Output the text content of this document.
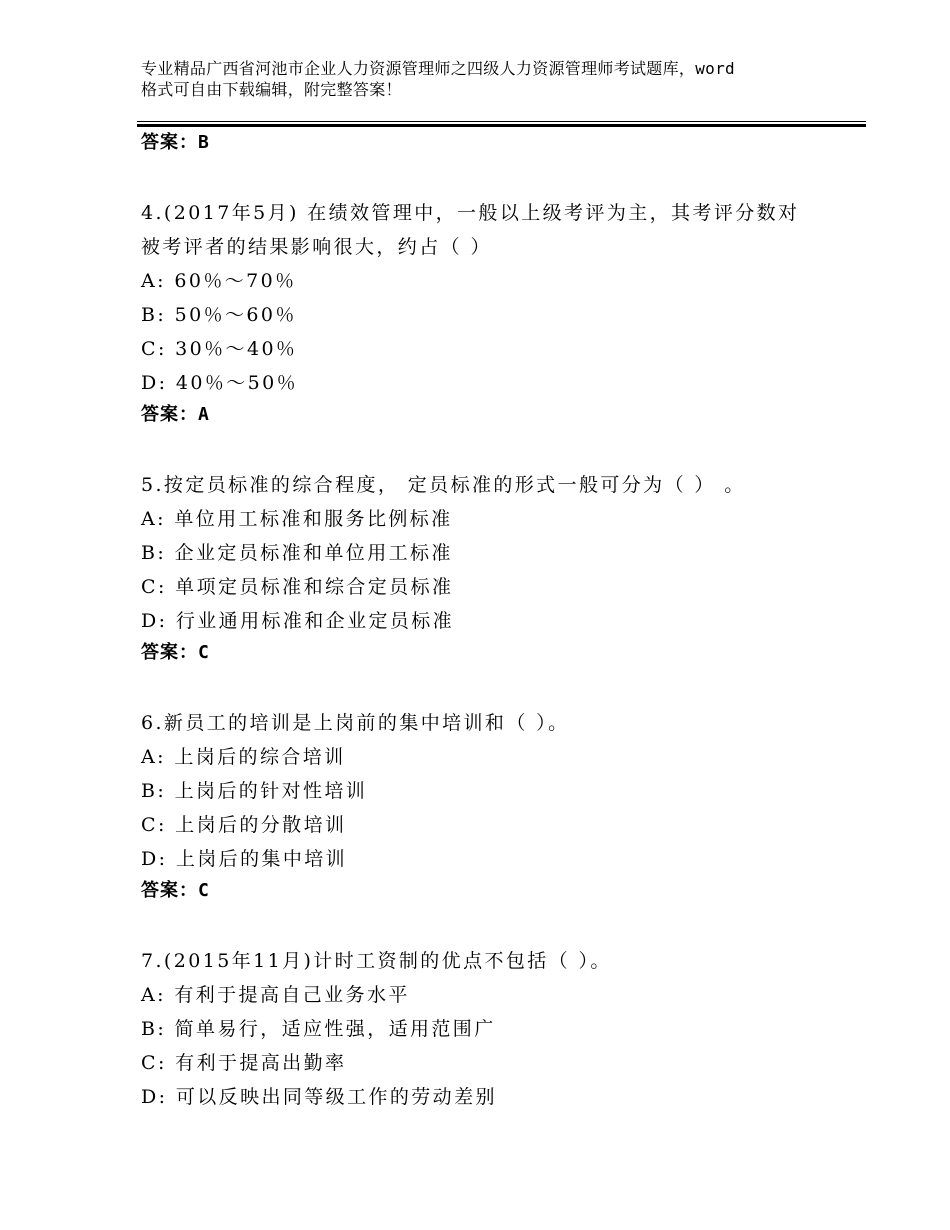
专业精品广西省河池市企业人力资源管理师之四级人力资源管理师考试题库，word
格式可自由下载编辑，附完整答案！
答案：B
4.(2017年5月) 在绩效管理中，一般以上级考评为主，其考评分数对
被考评者的结果影响很大，约占（ ）
A: 60％～70％
B: 50％～60％
C: 30％～40％
D: 40％～50％
答案：A
5.按定员标准的综合程度， 定员标准的形式一般可分为（ ） 。
A: 单位用工标准和服务比例标准
B: 企业定员标准和单位用工标准
C: 单项定员标准和综合定员标准
D: 行业通用标准和企业定员标准
答案：C
6.新员工的培训是上岗前的集中培训和（ ）。
A: 上岗后的综合培训
B: 上岗后的针对性培训
C: 上岗后的分散培训
D: 上岗后的集中培训
答案：C
7.(2015年11月)计时工资制的优点不包括（ ）。
A: 有利于提高自己业务水平
B: 简单易行，适应性强，适用范围广
C: 有利于提高出勤率
D: 可以反映出同等级工作的劳动差别
